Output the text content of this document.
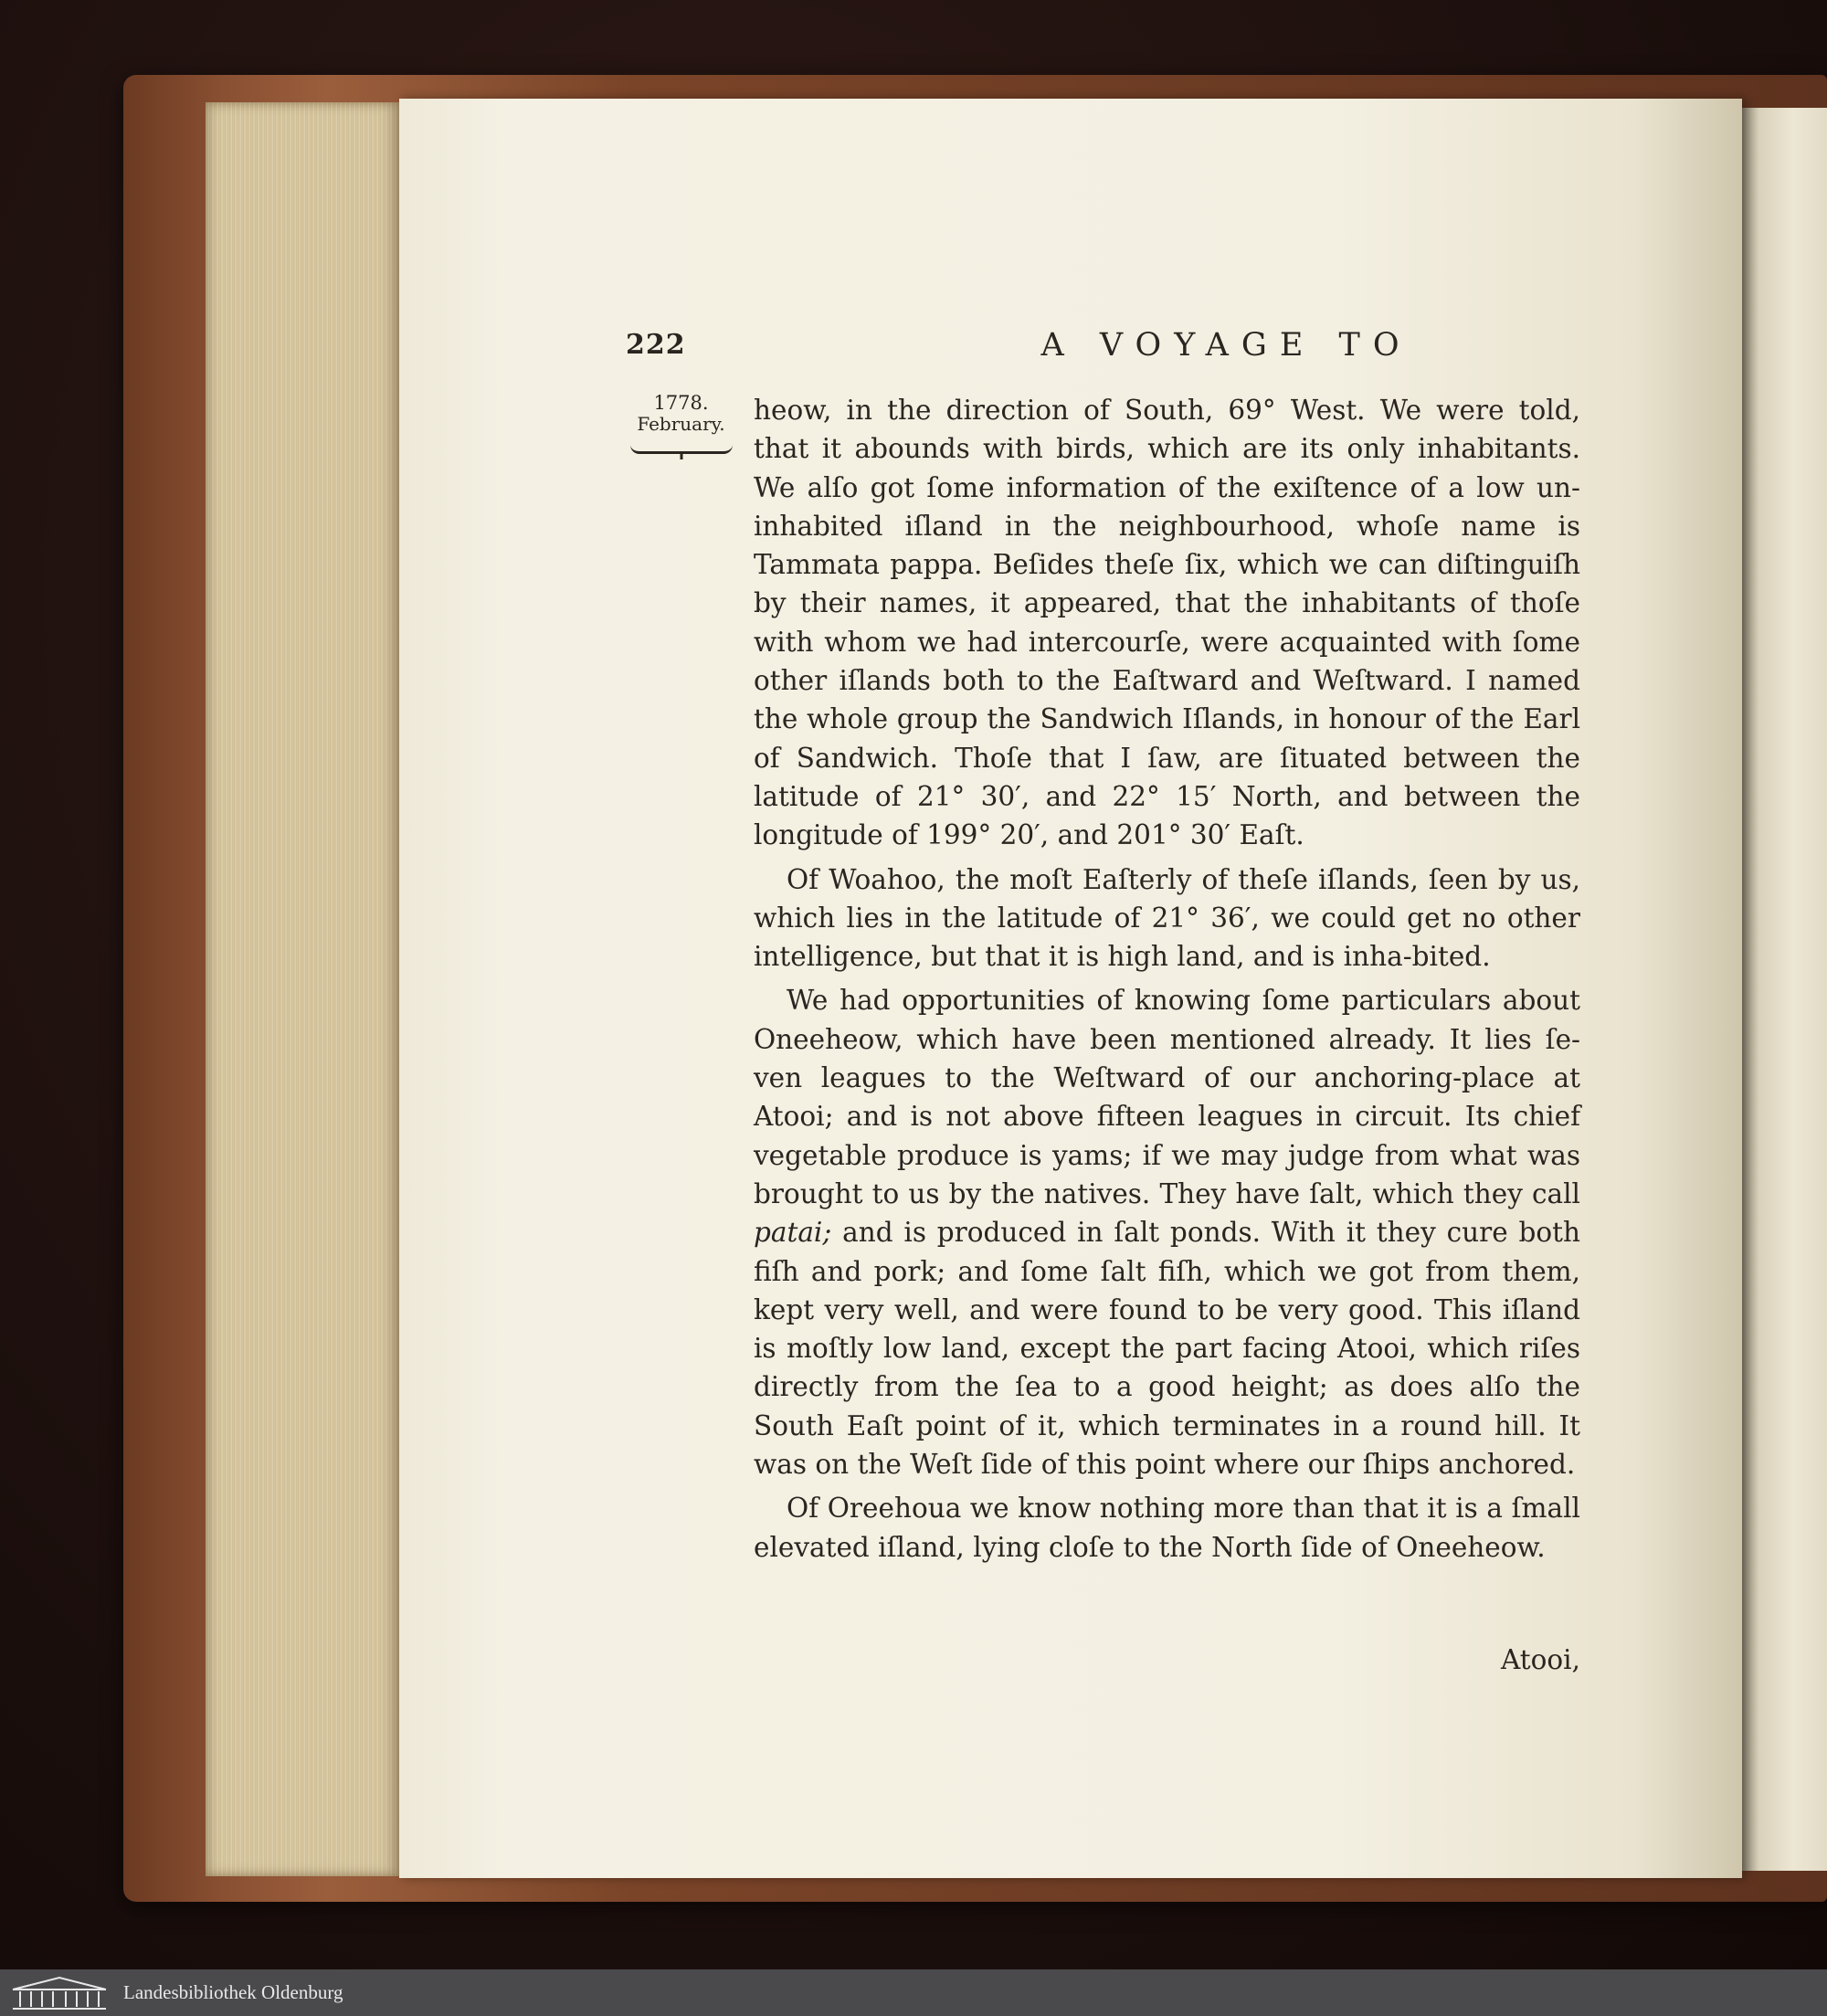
222	A VOYAGE TO
1778.
February.	heow, in the direction of South, 69° West. We were told, that it abounds with birds, which are its only inhabitants. We alſo got ſome information of the exiſtence of a low un-inhabited iſland in the neighbourhood, whoſe name is Tammata pappa. Beſides theſe ſix, which we can diſtinguiſh by their names, it appeared, that the inhabitants of thoſe with whom we had intercourſe, were acquainted with ſome other iſlands both to the Eaſtward and Weſtward. I named the whole group the Sandwich Iſlands, in honour of the Earl of Sandwich. Thoſe that I ſaw, are ſituated between the latitude of 21° 30′, and 22° 15′ North, and between the longitude of 199° 20′, and 201° 30′ Eaſt.

Of Woahoo, the moſt Eaſterly of theſe iſlands, ſeen by us, which lies in the latitude of 21° 36′, we could get no other intelligence, but that it is high land, and is inha-bited.

We had opportunities of knowing ſome particulars about Oneeheow, which have been mentioned already. It lies ſe-ven leagues to the Weſtward of our anchoring-place at Atooi; and is not above fifteen leagues in circuit. Its chief vegetable produce is yams; if we may judge from what was brought to us by the natives. They have ſalt, which they call patai; and is produced in ſalt ponds. With it they cure both fiſh and pork; and ſome ſalt fiſh, which we got from them, kept very well, and were found to be very good. This iſland is moſtly low land, except the part facing Atooi, which riſes directly from the ſea to a good height; as does alſo the South Eaſt point of it, which terminates in a round hill. It was on the Weſt ſide of this point where our ſhips anchored.

Of Oreehoua we know nothing more than that it is a ſmall elevated iſland, lying cloſe to the North ſide of Oneeheow.

Atooi,
Landesbibliothek Oldenburg
